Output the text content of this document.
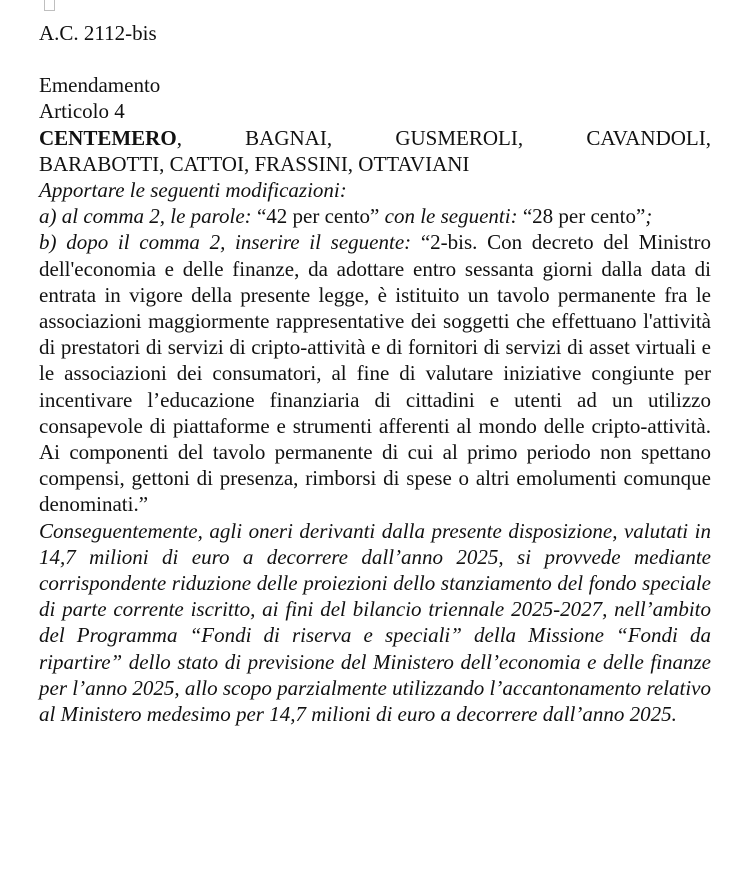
A.C. 2112-bis

Emendamento

Articolo 4

CENTEMERO, BAGNAI, GUSMEROLI, CAVANDOLI,

BARABOTTI, CATTOI, FRASSINI, OTTAVIANI

Apportare le seguenti modificazioni:

a) al comma 2, le parole: “42 per cento” con le seguenti: “28 per cento”;

b) dopo il comma 2, inserire il seguente: “2-bis. Con decreto del Ministro dell'economia e delle finanze, da adottare entro sessanta giorni dalla data di entrata in vigore della presente legge, è istituito un tavolo permanente fra le associazioni maggiormente rappresentative dei soggetti che effettuano l'attività di prestatori di servizi di cripto-attività e di fornitori di servizi di asset virtuali e le associazioni dei consumatori, al fine di valutare iniziative congiunte per incentivare l’educazione finanziaria di cittadini e utenti ad un utilizzo consapevole di piattaforme e strumenti afferenti al mondo delle cripto-attività. Ai componenti del tavolo permanente di cui al primo periodo non spettano compensi, gettoni di presenza, rimborsi di spese o altri emolumenti comunque denominati.”

Conseguentemente, agli oneri derivanti dalla presente disposizione, valutati in 14,7 milioni di euro a decorrere dall’anno 2025, si provvede mediante corrispondente riduzione delle proiezioni dello stanziamento del fondo speciale di parte corrente iscritto, ai fini del bilancio triennale 2025-2027, nell’ambito del Programma “Fondi di riserva e speciali” della Missione “Fondi da ripartire” dello stato di previsione del Ministero dell’economia e delle finanze per l’anno 2025, allo scopo parzialmente utilizzando l’accantonamento relativo al Ministero medesimo per 14,7 milioni di euro a decorrere dall’anno 2025.
